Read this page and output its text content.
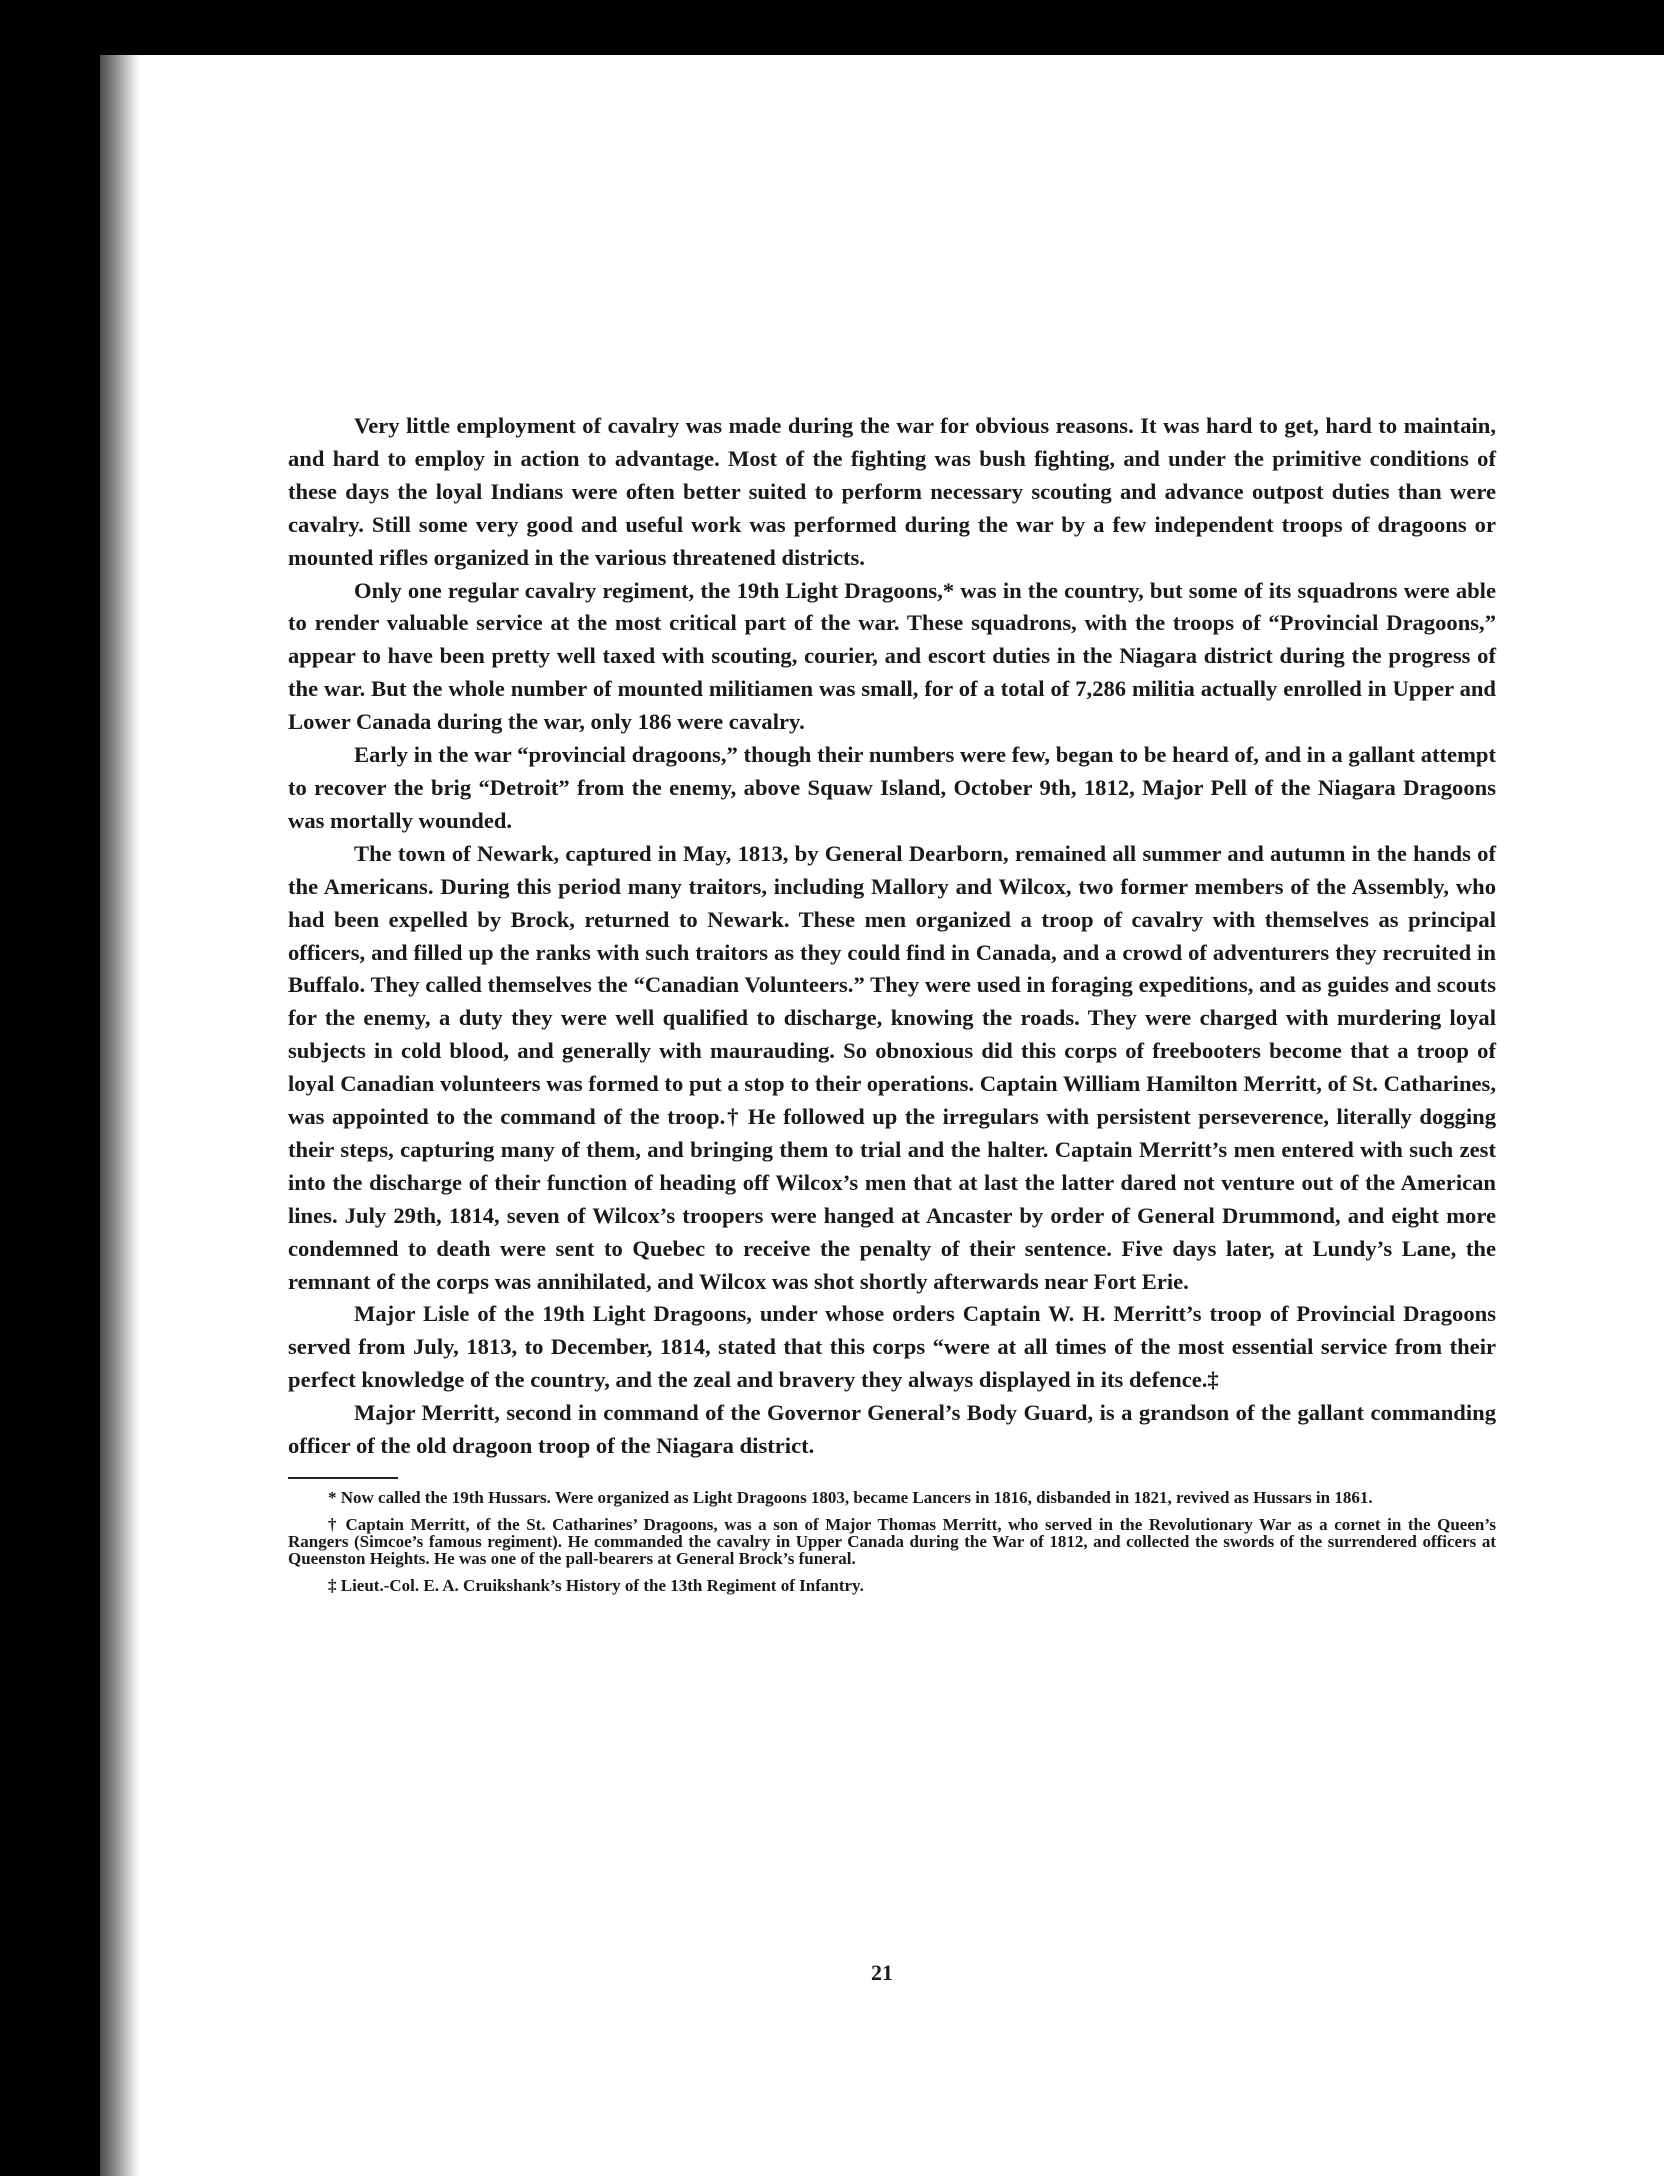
Very little employment of cavalry was made during the war for obvious reasons. It was hard to get, hard to maintain, and hard to employ in action to advantage. Most of the fighting was bush fighting, and under the primitive conditions of these days the loyal Indians were often better suited to perform necessary scouting and advance outpost duties than were cavalry. Still some very good and useful work was performed during the war by a few independent troops of dragoons or mounted rifles organized in the various threatened districts.

Only one regular cavalry regiment, the 19th Light Dragoons,* was in the country, but some of its squadrons were able to render valuable service at the most critical part of the war. These squadrons, with the troops of “Provincial Dragoons,” appear to have been pretty well taxed with scouting, courier, and escort duties in the Niagara district during the progress of the war. But the whole number of mounted militiamen was small, for of a total of 7,286 militia actually enrolled in Upper and Lower Canada during the war, only 186 were cavalry.

Early in the war “provincial dragoons,” though their numbers were few, began to be heard of, and in a gallant attempt to recover the brig “Detroit” from the enemy, above Squaw Island, October 9th, 1812, Major Pell of the Niagara Dragoons was mortally wounded.

The town of Newark, captured in May, 1813, by General Dearborn, remained all summer and autumn in the hands of the Americans. During this period many traitors, including Mallory and Wilcox, two former members of the Assembly, who had been expelled by Brock, returned to Newark. These men organized a troop of cavalry with themselves as principal officers, and filled up the ranks with such traitors as they could find in Canada, and a crowd of adventurers they recruited in Buffalo. They called themselves the “Canadian Volunteers.” They were used in foraging expeditions, and as guides and scouts for the enemy, a duty they were well qualified to discharge, knowing the roads. They were charged with murdering loyal subjects in cold blood, and generally with maurauding. So obnoxious did this corps of freebooters become that a troop of loyal Canadian volunteers was formed to put a stop to their operations. Captain William Hamilton Merritt, of St. Catharines, was appointed to the command of the troop.† He followed up the irregulars with persistent perseverence, literally dogging their steps, capturing many of them, and bringing them to trial and the halter. Captain Merritt’s men entered with such zest into the discharge of their function of heading off Wilcox’s men that at last the latter dared not venture out of the American lines. July 29th, 1814, seven of Wilcox’s troopers were hanged at Ancaster by order of General Drummond, and eight more condemned to death were sent to Quebec to receive the penalty of their sentence. Five days later, at Lundy’s Lane, the remnant of the corps was annihilated, and Wilcox was shot shortly afterwards near Fort Erie.

Major Lisle of the 19th Light Dragoons, under whose orders Captain W. H. Merritt’s troop of Provincial Dragoons served from July, 1813, to December, 1814, stated that this corps “were at all times of the most essential service from their perfect knowledge of the country, and the zeal and bravery they always displayed in its defence.‡

Major Merritt, second in command of the Governor General’s Body Guard, is a grandson of the gallant commanding officer of the old dragoon troop of the Niagara district.

* Now called the 19th Hussars. Were organized as Light Dragoons 1803, became Lancers in 1816, disbanded in 1821, revived as Hussars in 1861.

† Captain Merritt, of the St. Catharines’ Dragoons, was a son of Major Thomas Merritt, who served in the Revolutionary War as a cornet in the Queen’s Rangers (Simcoe’s famous regiment). He commanded the cavalry in Upper Canada during the War of 1812, and collected the swords of the surrendered officers at Queenston Heights. He was one of the pall-bearers at General Brock’s funeral.

‡ Lieut.-Col. E. A. Cruikshank’s History of the 13th Regiment of Infantry.

21
